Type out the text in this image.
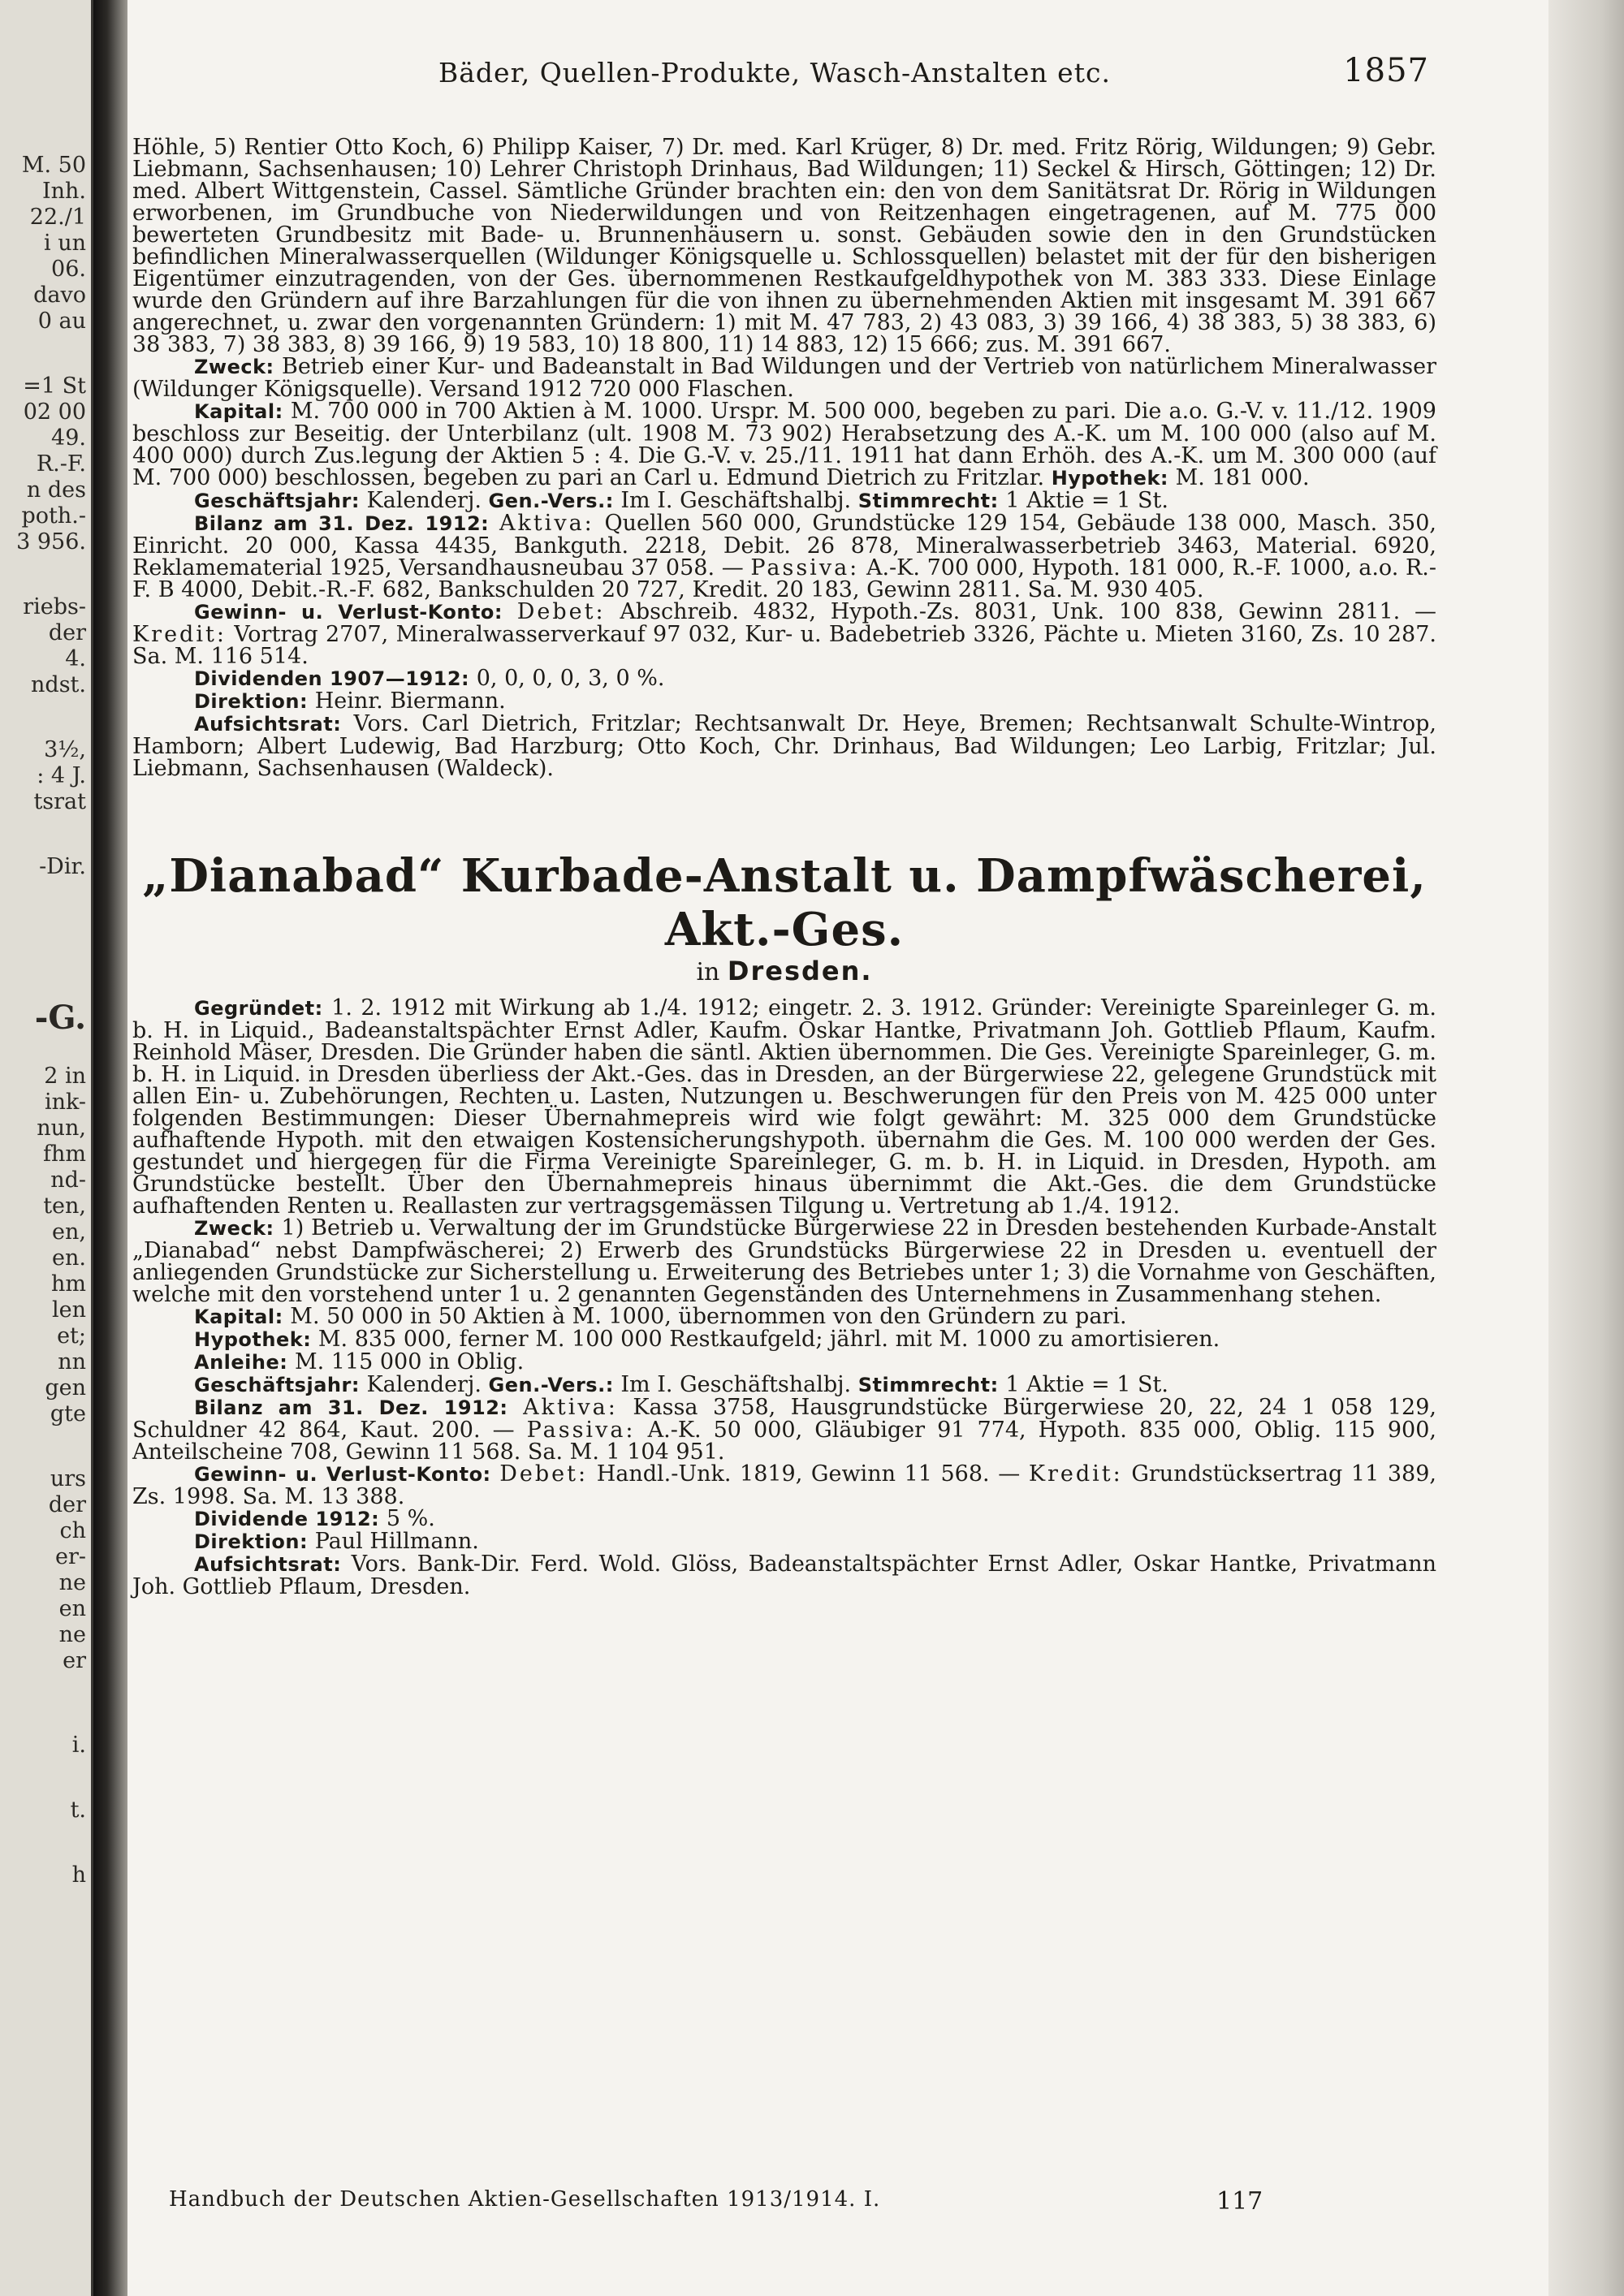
M. 50
Inh.
22./1
i un
06.
davo
0 au
=1 St
02 00
49.
R.-F.
n des
poth.-
3 956.
riebs-
der
4.
ndst.
3½,
: 4 J.
tsrat
-Dir.
-G.
2 in
ink-
nun,
fhm
nd-
ten,
en,
en.
hm
len
et;
nn
gen
gte
urs
der
ch
er-
ne
en
ne
er
i.
t.
h
Bäder, Quellen-Produkte, Wasch-Anstalten etc.	1857

Höhle, 5) Rentier Otto Koch, 6) Philipp Kaiser, 7) Dr. med. Karl Krüger, 8) Dr. med. Fritz Rörig, Wildungen; 9) Gebr. Liebmann, Sachsenhausen; 10) Lehrer Christoph Drinhaus, Bad Wildungen; 11) Seckel & Hirsch, Göttingen; 12) Dr. med. Albert Wittgenstein, Cassel. Sämtliche Gründer brachten ein: den von dem Sanitätsrat Dr. Rörig in Wildungen erworbenen, im Grundbuche von Niederwildungen und von Reitzenhagen eingetragenen, auf M. 775 000 bewerteten Grundbesitz mit Bade- u. Brunnenhäusern u. sonst. Gebäuden sowie den in den Grundstücken befindlichen Mineralwasserquellen (Wildunger Königsquelle u. Schlossquellen) belastet mit der für den bisherigen Eigentümer einzutragenden, von der Ges. übernommenen Restkaufgeldhypothek von M. 383 333. Diese Einlage wurde den Gründern auf ihre Barzahlungen für die von ihnen zu übernehmenden Aktien mit insgesamt M. 391 667 angerechnet, u. zwar den vorgenannten Gründern: 1) mit M. 47 783, 2) 43 083, 3) 39 166, 4) 38 383, 5) 38 383, 6) 38 383, 7) 38 383, 8) 39 166, 9) 19 583, 10) 18 800, 11) 14 883, 12) 15 666; zus. M. 391 667.

Zweck: Betrieb einer Kur- und Badeanstalt in Bad Wildungen und der Vertrieb von natürlichem Mineralwasser (Wildunger Königsquelle). Versand 1912 720 000 Flaschen.

Kapital: M. 700 000 in 700 Aktien à M. 1000. Urspr. M. 500 000, begeben zu pari. Die a.o. G.-V. v. 11./12. 1909 beschloss zur Beseitig. der Unterbilanz (ult. 1908 M. 73 902) Herabsetzung des A.-K. um M. 100 000 (also auf M. 400 000) durch Zus.legung der Aktien 5 : 4. Die G.-V. v. 25./11. 1911 hat dann Erhöh. des A.-K. um M. 300 000 (auf M. 700 000) beschlossen, begeben zu pari an Carl u. Edmund Dietrich zu Fritzlar. Hypothek: M. 181 000.

Geschäftsjahr: Kalenderj. Gen.-Vers.: Im I. Geschäftshalbj. Stimmrecht: 1 Aktie = 1 St.

Bilanz am 31. Dez. 1912: Aktiva: Quellen 560 000, Grundstücke 129 154, Gebäude 138 000, Masch. 350, Einricht. 20 000, Kassa 4435, Bankguth. 2218, Debit. 26 878, Mineralwasserbetrieb 3463, Material. 6920, Reklamematerial 1925, Versandhausneubau 37 058. — Passiva: A.-K. 700 000, Hypoth. 181 000, R.-F. 1000, a.o. R.-F. B 4000, Debit.-R.-F. 682, Bankschulden 20 727, Kredit. 20 183, Gewinn 2811. Sa. M. 930 405.

Gewinn- u. Verlust-Konto: Debet: Abschreib. 4832, Hypoth.-Zs. 8031, Unk. 100 838, Gewinn 2811. — Kredit: Vortrag 2707, Mineralwasserverkauf 97 032, Kur- u. Badebetrieb 3326, Pächte u. Mieten 3160, Zs. 10 287. Sa. M. 116 514.

Dividenden 1907—1912: 0, 0, 0, 0, 3, 0 %.

Direktion: Heinr. Biermann.

Aufsichtsrat: Vors. Carl Dietrich, Fritzlar; Rechtsanwalt Dr. Heye, Bremen; Rechtsanwalt Schulte-Wintrop, Hamborn; Albert Ludewig, Bad Harzburg; Otto Koch, Chr. Drinhaus, Bad Wildungen; Leo Larbig, Fritzlar; Jul. Liebmann, Sachsenhausen (Waldeck).

„Dianabad“ Kurbade-Anstalt u. Dampfwäscherei, Akt.-Ges.
in Dresden.

Gegründet: 1. 2. 1912 mit Wirkung ab 1./4. 1912; eingetr. 2. 3. 1912. Gründer: Vereinigte Spareinleger G. m. b. H. in Liquid., Badeanstaltspächter Ernst Adler, Kaufm. Oskar Hantke, Privatmann Joh. Gottlieb Pflaum, Kaufm. Reinhold Mäser, Dresden. Die Gründer haben die säntl. Aktien übernommen. Die Ges. Vereinigte Spareinleger, G. m. b. H. in Liquid. in Dresden überliess der Akt.-Ges. das in Dresden, an der Bürgerwiese 22, gelegene Grundstück mit allen Ein- u. Zubehörungen, Rechten u. Lasten, Nutzungen u. Beschwerungen für den Preis von M. 425 000 unter folgenden Bestimmungen: Dieser Übernahmepreis wird wie folgt gewährt: M. 325 000 dem Grundstücke aufhaftende Hypoth. mit den etwaigen Kostensicherungshypoth. übernahm die Ges. M. 100 000 werden der Ges. gestundet und hiergegen für die Firma Vereinigte Spareinleger, G. m. b. H. in Liquid. in Dresden, Hypoth. am Grundstücke bestellt. Über den Übernahmepreis hinaus übernimmt die Akt.-Ges. die dem Grundstücke aufhaftenden Renten u. Reallasten zur vertragsgemässen Tilgung u. Vertretung ab 1./4. 1912.

Zweck: 1) Betrieb u. Verwaltung der im Grundstücke Bürgerwiese 22 in Dresden bestehenden Kurbade-Anstalt „Dianabad“ nebst Dampfwäscherei; 2) Erwerb des Grundstücks Bürgerwiese 22 in Dresden u. eventuell der anliegenden Grundstücke zur Sicherstellung u. Erweiterung des Betriebes unter 1; 3) die Vornahme von Geschäften, welche mit den vorstehend unter 1 u. 2 genannten Gegenständen des Unternehmens in Zusammenhang stehen.

Kapital: M. 50 000 in 50 Aktien à M. 1000, übernommen von den Gründern zu pari.

Hypothek: M. 835 000, ferner M. 100 000 Restkaufgeld; jährl. mit M. 1000 zu amortisieren.

Anleihe: M. 115 000 in Oblig.

Geschäftsjahr: Kalenderj. Gen.-Vers.: Im I. Geschäftshalbj. Stimmrecht: 1 Aktie = 1 St.

Bilanz am 31. Dez. 1912: Aktiva: Kassa 3758, Hausgrundstücke Bürgerwiese 20, 22, 24 1 058 129, Schuldner 42 864, Kaut. 200. — Passiva: A.-K. 50 000, Gläubiger 91 774, Hypoth. 835 000, Oblig. 115 900, Anteilscheine 708, Gewinn 11 568. Sa. M. 1 104 951.

Gewinn- u. Verlust-Konto: Debet: Handl.-Unk. 1819, Gewinn 11 568. — Kredit: Grundstücksertrag 11 389, Zs. 1998. Sa. M. 13 388.

Dividende 1912: 5 %.

Direktion: Paul Hillmann.

Aufsichtsrat: Vors. Bank-Dir. Ferd. Wold. Glöss, Badeanstaltspächter Ernst Adler, Oskar Hantke, Privatmann Joh. Gottlieb Pflaum, Dresden.

Handbuch der Deutschen Aktien-Gesellschaften 1913/1914. I.	117
